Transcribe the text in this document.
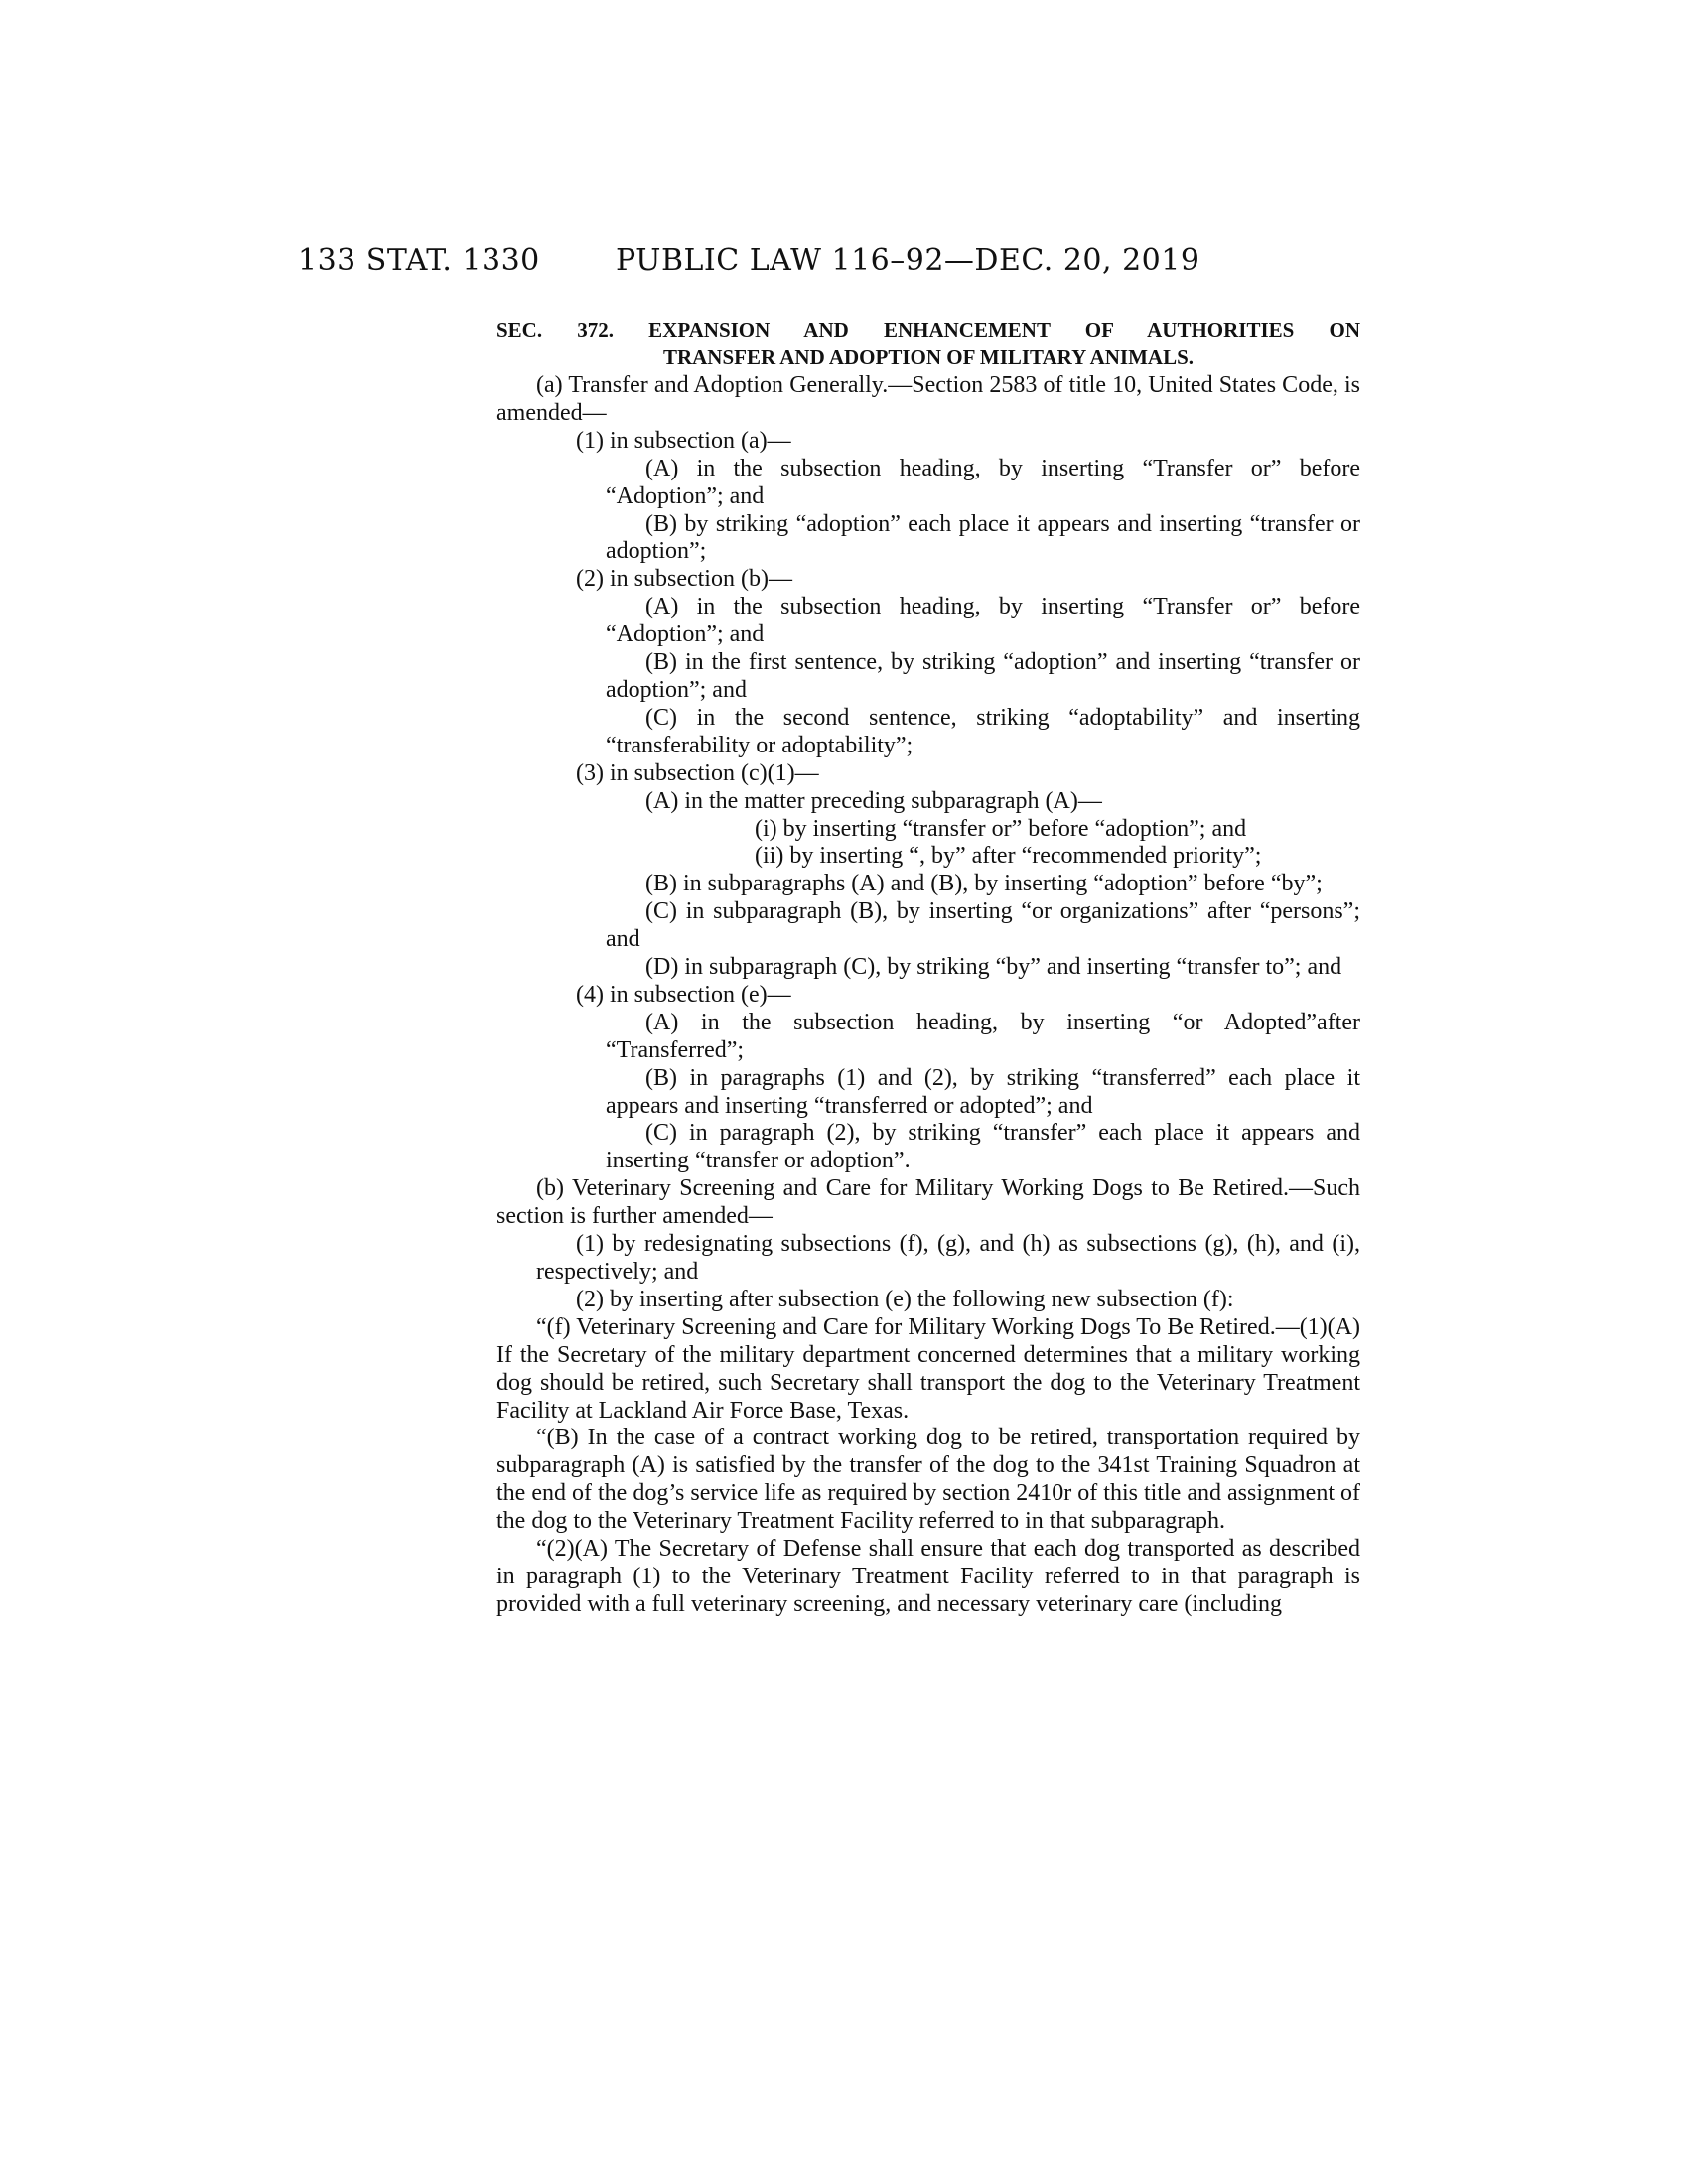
133 STAT. 1330	PUBLIC LAW 116–92—DEC. 20, 2019
SEC. 372. EXPANSION AND ENHANCEMENT OF AUTHORITIES ON
TRANSFER AND ADOPTION OF MILITARY ANIMALS.

(a) Transfer and Adoption Generally.—Section 2583 of title 10, United States Code, is amended—

(1) in subsection (a)—

(A) in the subsection heading, by inserting “Transfer or” before “Adoption”; and

(B) by striking “adoption” each place it appears and inserting “transfer or adoption”;

(2) in subsection (b)—

(A) in the subsection heading, by inserting “Transfer or” before “Adoption”; and

(B) in the first sentence, by striking “adoption” and inserting “transfer or adoption”; and

(C) in the second sentence, striking “adoptability” and inserting “transferability or adoptability”;

(3) in subsection (c)(1)—

(A) in the matter preceding subparagraph (A)—

(i) by inserting “transfer or” before “adoption”; and

(ii) by inserting “, by” after “recommended priority”;

(B) in subparagraphs (A) and (B), by inserting “adoption” before “by”;

(C) in subparagraph (B), by inserting “or organizations” after “persons”; and

(D) in subparagraph (C), by striking “by” and inserting “transfer to”; and

(4) in subsection (e)—

(A) in the subsection heading, by inserting “or Adopted”after “Transferred”;

(B) in paragraphs (1) and (2), by striking “transferred” each place it appears and inserting “transferred or adopted”; and

(C) in paragraph (2), by striking “transfer” each place it appears and inserting “transfer or adoption”.

(b) Veterinary Screening and Care for Military Working Dogs to Be Retired.—Such section is further amended—

(1) by redesignating subsections (f), (g), and (h) as subsections (g), (h), and (i), respectively; and

(2) by inserting after subsection (e) the following new subsection (f):

“(f) Veterinary Screening and Care for Military Working Dogs To Be Retired.—(1)(A) If the Secretary of the military department concerned determines that a military working dog should be retired, such Secretary shall transport the dog to the Veterinary Treatment Facility at Lackland Air Force Base, Texas.

“(B) In the case of a contract working dog to be retired, transportation required by subparagraph (A) is satisfied by the transfer of the dog to the 341st Training Squadron at the end of the dog’s service life as required by section 2410r of this title and assignment of the dog to the Veterinary Treatment Facility referred to in that subparagraph.

“(2)(A) The Secretary of Defense shall ensure that each dog transported as described in paragraph (1) to the Veterinary Treatment Facility referred to in that paragraph is provided with a full veterinary screening, and necessary veterinary care (including
